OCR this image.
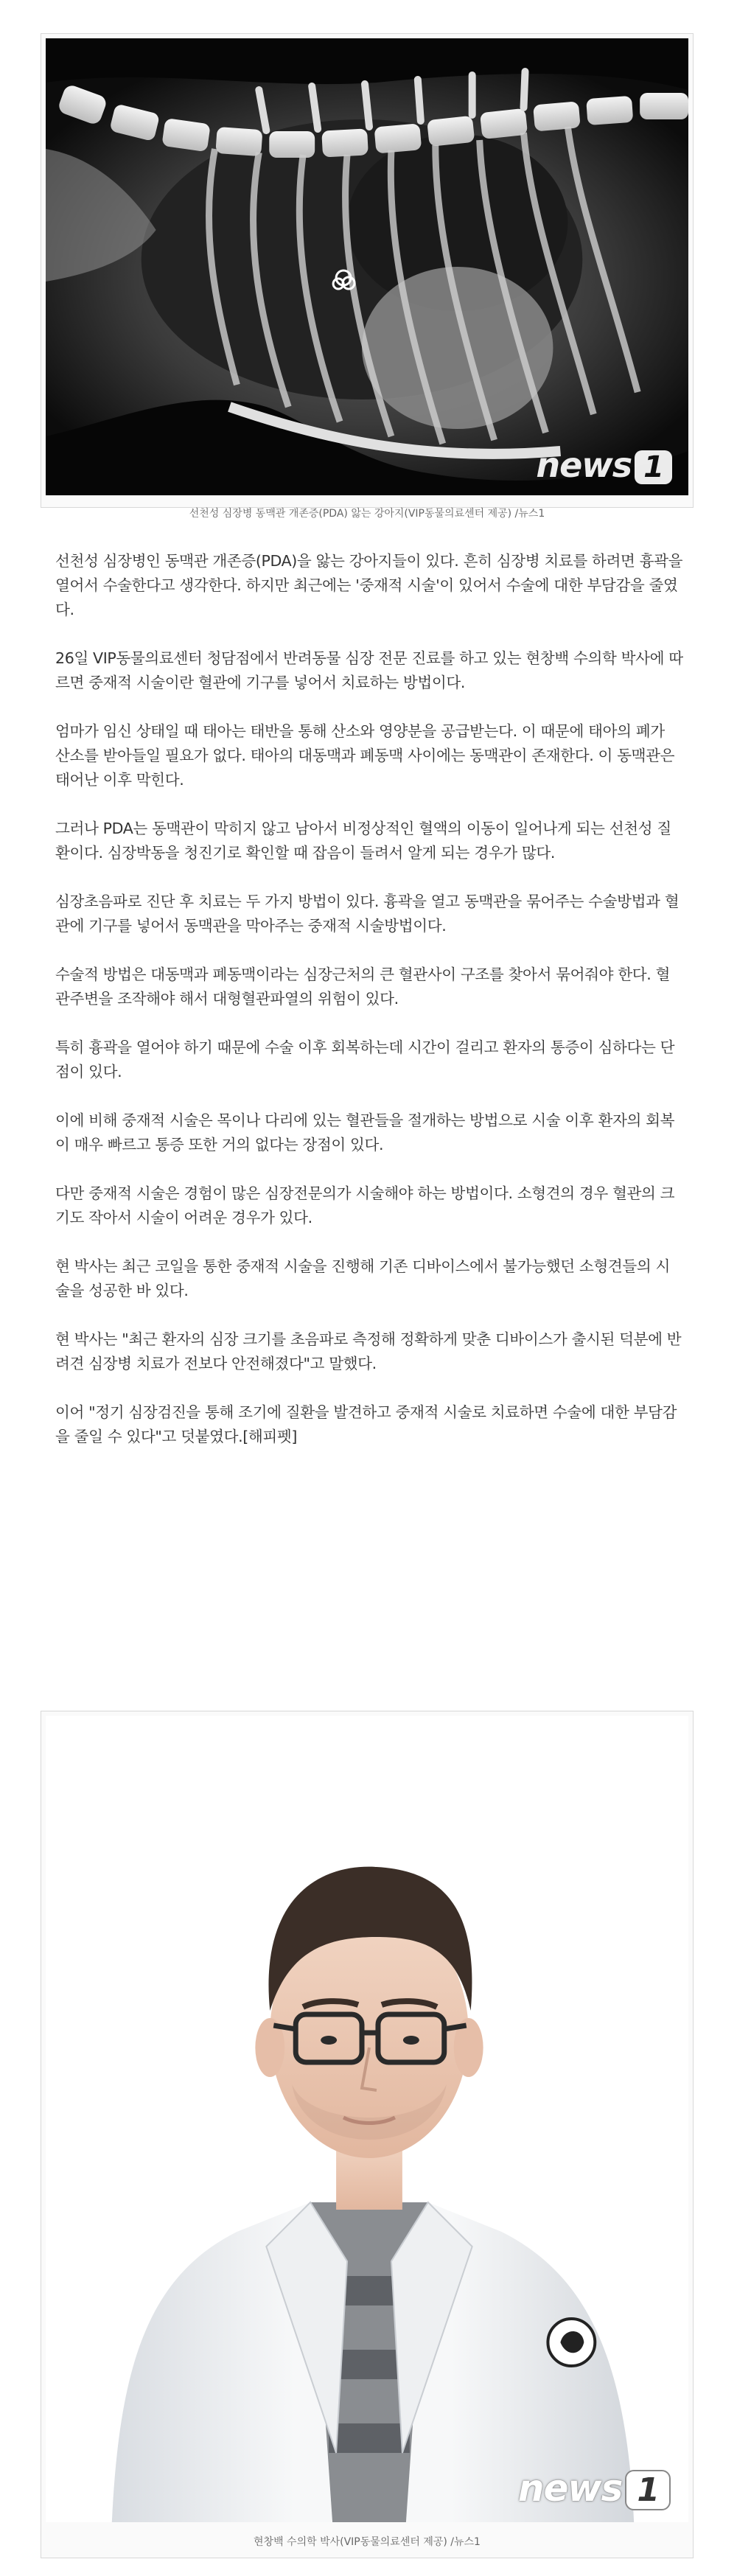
news 1
선천성 심장병 동맥관 개존증(PDA) 앓는 강아지(VIP동물의료센터 제공) /뉴스1

선천성 심장병인 동맥관 개존증(PDA)을 앓는 강아지들이 있다. 흔히 심장병 치료를 하려면 흉곽을 열어서 수술한다고 생각한다. 하지만 최근에는 '중재적 시술'이 있어서 수술에 대한 부담감을 줄였다.

26일 VIP동물의료센터 청담점에서 반려동물 심장 전문 진료를 하고 있는 현창백 수의학 박사에 따르면 중재적 시술이란 혈관에 기구를 넣어서 치료하는 방법이다.

엄마가 임신 상태일 때 태아는 태반을 통해 산소와 영양분을 공급받는다. 이 때문에 태아의 폐가 산소를 받아들일 필요가 없다. 태아의 대동맥과 폐동맥 사이에는 동맥관이 존재한다. 이 동맥관은 태어난 이후 막힌다.

그러나 PDA는 동맥관이 막히지 않고 남아서 비정상적인 혈액의 이동이 일어나게 되는 선천성 질환이다. 심장박동을 청진기로 확인할 때 잡음이 들려서 알게 되는 경우가 많다.

심장초음파로 진단 후 치료는 두 가지 방법이 있다. 흉곽을 열고 동맥관을 묶어주는 수술방법과 혈관에 기구를 넣어서 동맥관을 막아주는 중재적 시술방법이다.

수술적 방법은 대동맥과 폐동맥이라는 심장근처의 큰 혈관사이 구조를 찾아서 묶어줘야 한다. 혈관주변을 조작해야 해서 대형혈관파열의 위험이 있다.

특히 흉곽을 열어야 하기 때문에 수술 이후 회복하는데 시간이 걸리고 환자의 통증이 심하다는 단점이 있다.

이에 비해 중재적 시술은 목이나 다리에 있는 혈관들을 절개하는 방법으로 시술 이후 환자의 회복이 매우 빠르고 통증 또한 거의 없다는 장점이 있다.

다만 중재적 시술은 경험이 많은 심장전문의가 시술해야 하는 방법이다. 소형견의 경우 혈관의 크기도 작아서 시술이 어려운 경우가 있다.

현 박사는 최근 코일을 통한 중재적 시술을 진행해 기존 디바이스에서 불가능했던 소형견들의 시술을 성공한 바 있다.

현 박사는 "최근 환자의 심장 크기를 초음파로 측정해 정확하게 맞춘 디바이스가 출시된 덕분에 반려견 심장병 치료가 전보다 안전해졌다"고 말했다.

이어 "정기 심장검진을 통해 조기에 질환을 발견하고 중재적 시술로 치료하면 수술에 대한 부담감을 줄일 수 있다"고 덧붙였다.[해피펫]

news 1
현창백 수의학 박사(VIP동물의료센터 제공) /뉴스1
